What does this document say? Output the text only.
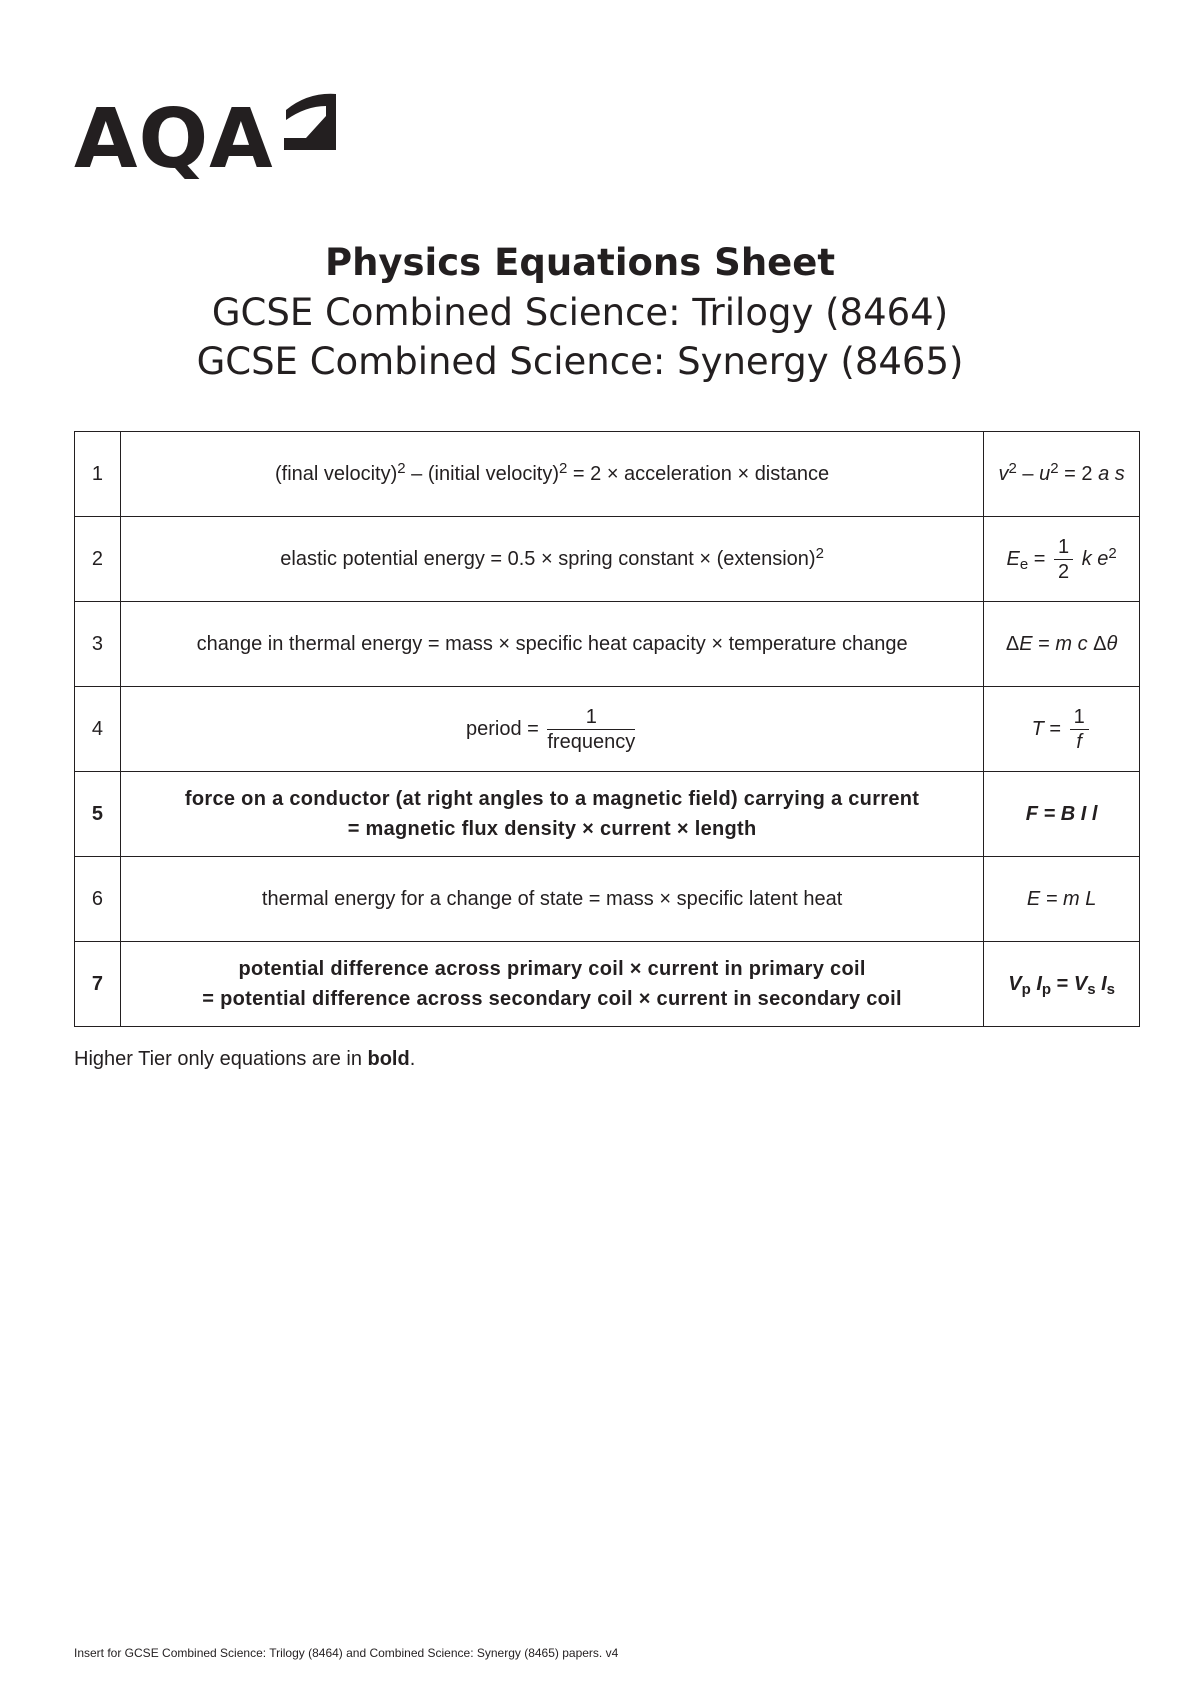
AQA
Physics Equations Sheet
GCSE Combined Science: Trilogy (8464)
GCSE Combined Science: Synergy (8465)
1	(final velocity)$^2$ – (initial velocity)$^2$ = 2 × acceleration × distance	$v^2 - u^2 = 2$ a s
2	elastic potential energy = 0.5 × spring constant × (extension)$^2$	$E_e = \frac{1}{2}$ k $e^2$
3	change in thermal energy = mass × specific heat capacity × temperature change	ΔE = m c Δθ
4	period = $\frac{1}{\text{frequency}}$	$T = \frac{1}{f}$

5	force on a conductor (at right angles to a magnetic field) carrying a current
= magnetic flux density × current × length	F = B I l
6	thermal energy for a change of state = mass × specific latent heat	E = m L
7	potential difference across primary coil × current in primary coil
= potential difference across secondary coil × current in secondary coil	$V_p$ $I_p = V_s$ $I_s$
Higher Tier only equations are in bold.
Insert for GCSE Combined Science: Trilogy (8464) and Combined Science: Synergy (8465) papers. v4
